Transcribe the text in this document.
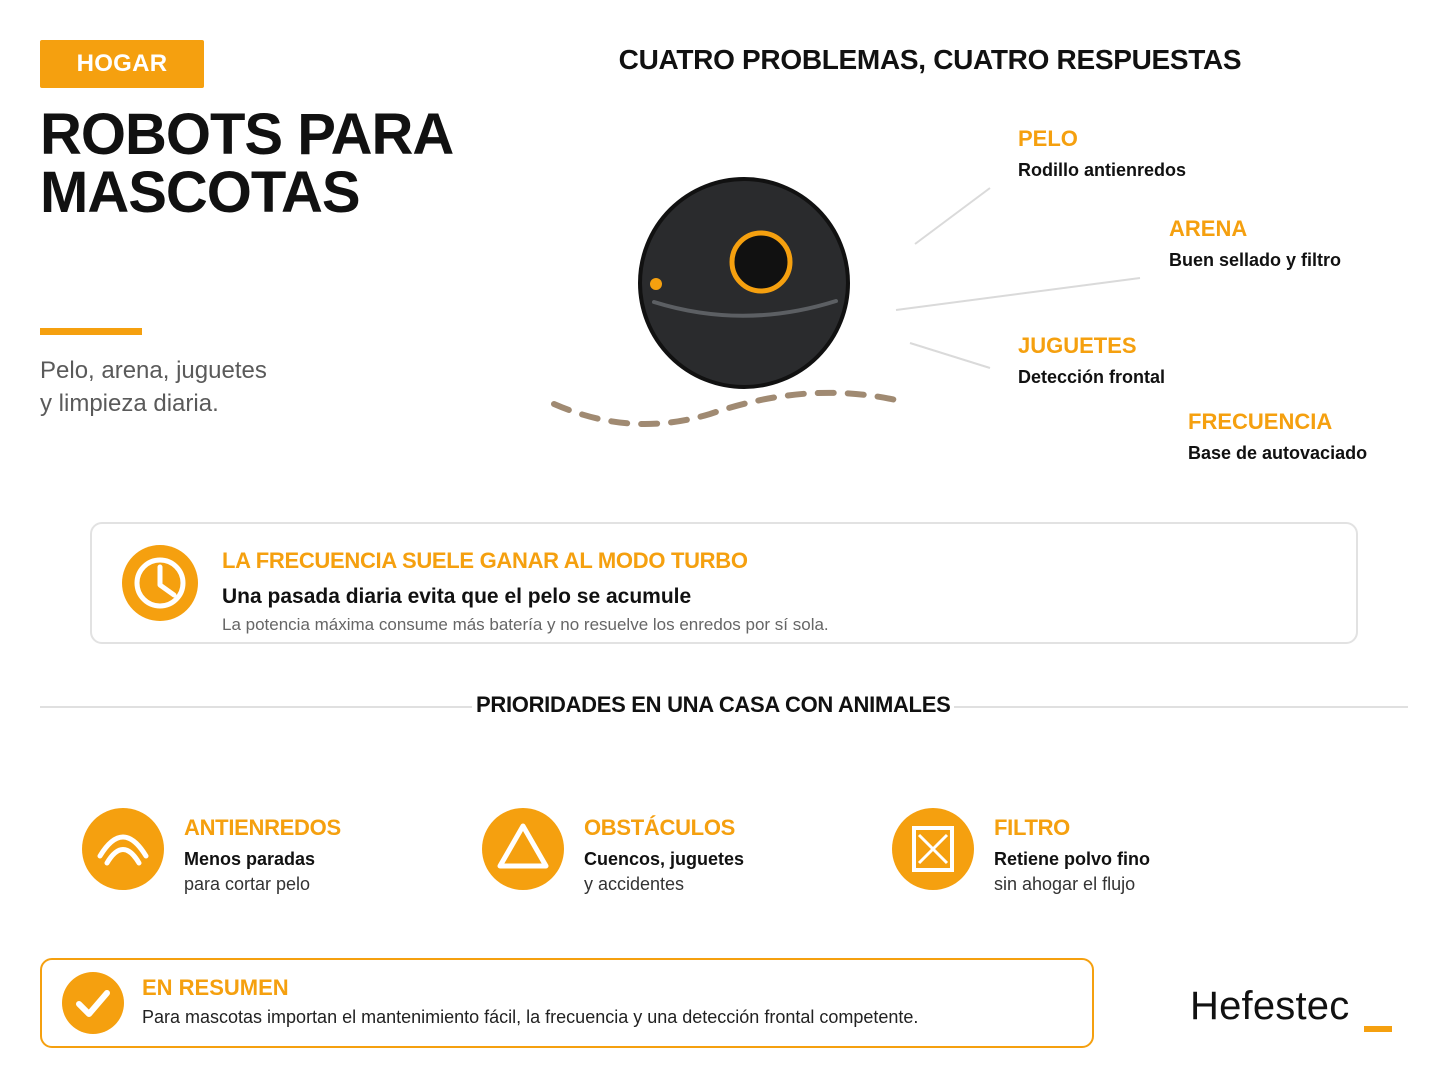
HOGAR
ROBOTS PARA
MASCOTAS
Pelo, arena, juguetes
y limpieza diaria.
CUATRO PROBLEMAS, CUATRO RESPUESTAS
PELO
Rodillo antienredos
ARENA
Buen sellado y filtro
JUGUETES
Detección frontal
FRECUENCIA
Base de autovaciado
LA FRECUENCIA SUELE GANAR AL MODO TURBO
Una pasada diaria evita que el pelo se acumule
La potencia máxima consume más batería y no resuelve los enredos por sí sola.
PRIORIDADES EN UNA CASA CON ANIMALES
ANTIENREDOS
Menos paradas
para cortar pelo
OBSTÁCULOS
Cuencos, juguetes
y accidentes
FILTRO
Retiene polvo fino
sin ahogar el flujo
EN RESUMEN
Para mascotas importan el mantenimiento fácil, la frecuencia y una detección frontal competente.	Hefestec
